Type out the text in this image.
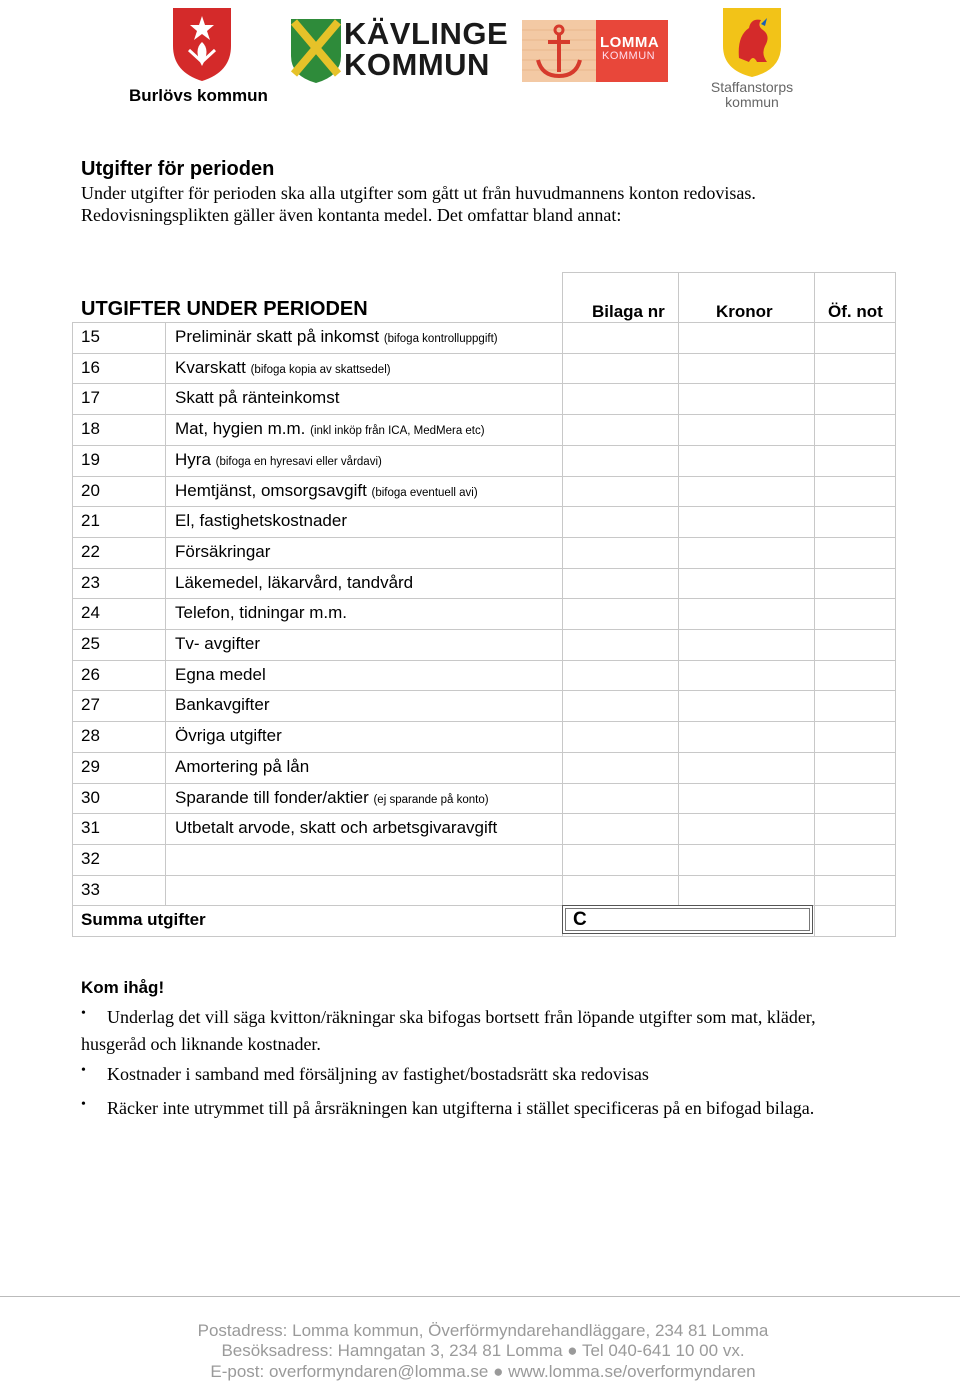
Burlövs kommun
KÄVLINGE
KOMMUN
LOMMA
KOMMUN
Staffanstorps
kommun
Utgifter för perioden
Under utgifter för perioden ska alla utgifter som gått ut från huvudmannens konton redovisas. Redovisningsplikten gäller även kontanta medel. Det omfattar bland annat:
UTGIFTER UNDER PERIODEN	Bilaga nr	Kronor	Öf. not
15	Preliminär skatt på inkomst (bifoga kontrolluppgift)
16	Kvarskatt (bifoga kopia av skattsedel)
17	Skatt på ränteinkomst
18	Mat, hygien m.m. (inkl inköp från ICA, MedMera etc)
19	Hyra (bifoga en hyresavi eller vårdavi)
20	Hemtjänst, omsorgsavgift (bifoga eventuell avi)
21	El, fastighetskostnader
22	Försäkringar
23	Läkemedel, läkarvård, tandvård
24	Telefon, tidningar m.m.
25	Tv- avgifter
26	Egna medel
27	Bankavgifter
28	Övriga utgifter
29	Amortering på lån
30	Sparande till fonder/aktier (ej sparande på konto)
31	Utbetalt arvode, skatt och arbetsgivaravgift
32
33
Summa utgifter	C
Kom ihåg!
•	Underlag det vill säga kvitton/räkningar ska bifogas bortsett från löpande utgifter som mat, kläder, husgeråd och liknande kostnader.
•	Kostnader i samband med försäljning av fastighet/bostadsrätt ska redovisas
•	Räcker inte utrymmet till på årsräkningen kan utgifterna i stället specificeras på en bifogad bilaga.
Postadress: Lomma kommun, Överförmyndarehandläggare, 234 81 Lomma
Besöksadress: Hamngatan 3, 234 81 Lomma ● Tel 040-641 10 00 vx.
E-post: overformyndaren@lomma.se ● www.lomma.se/overformyndaren
